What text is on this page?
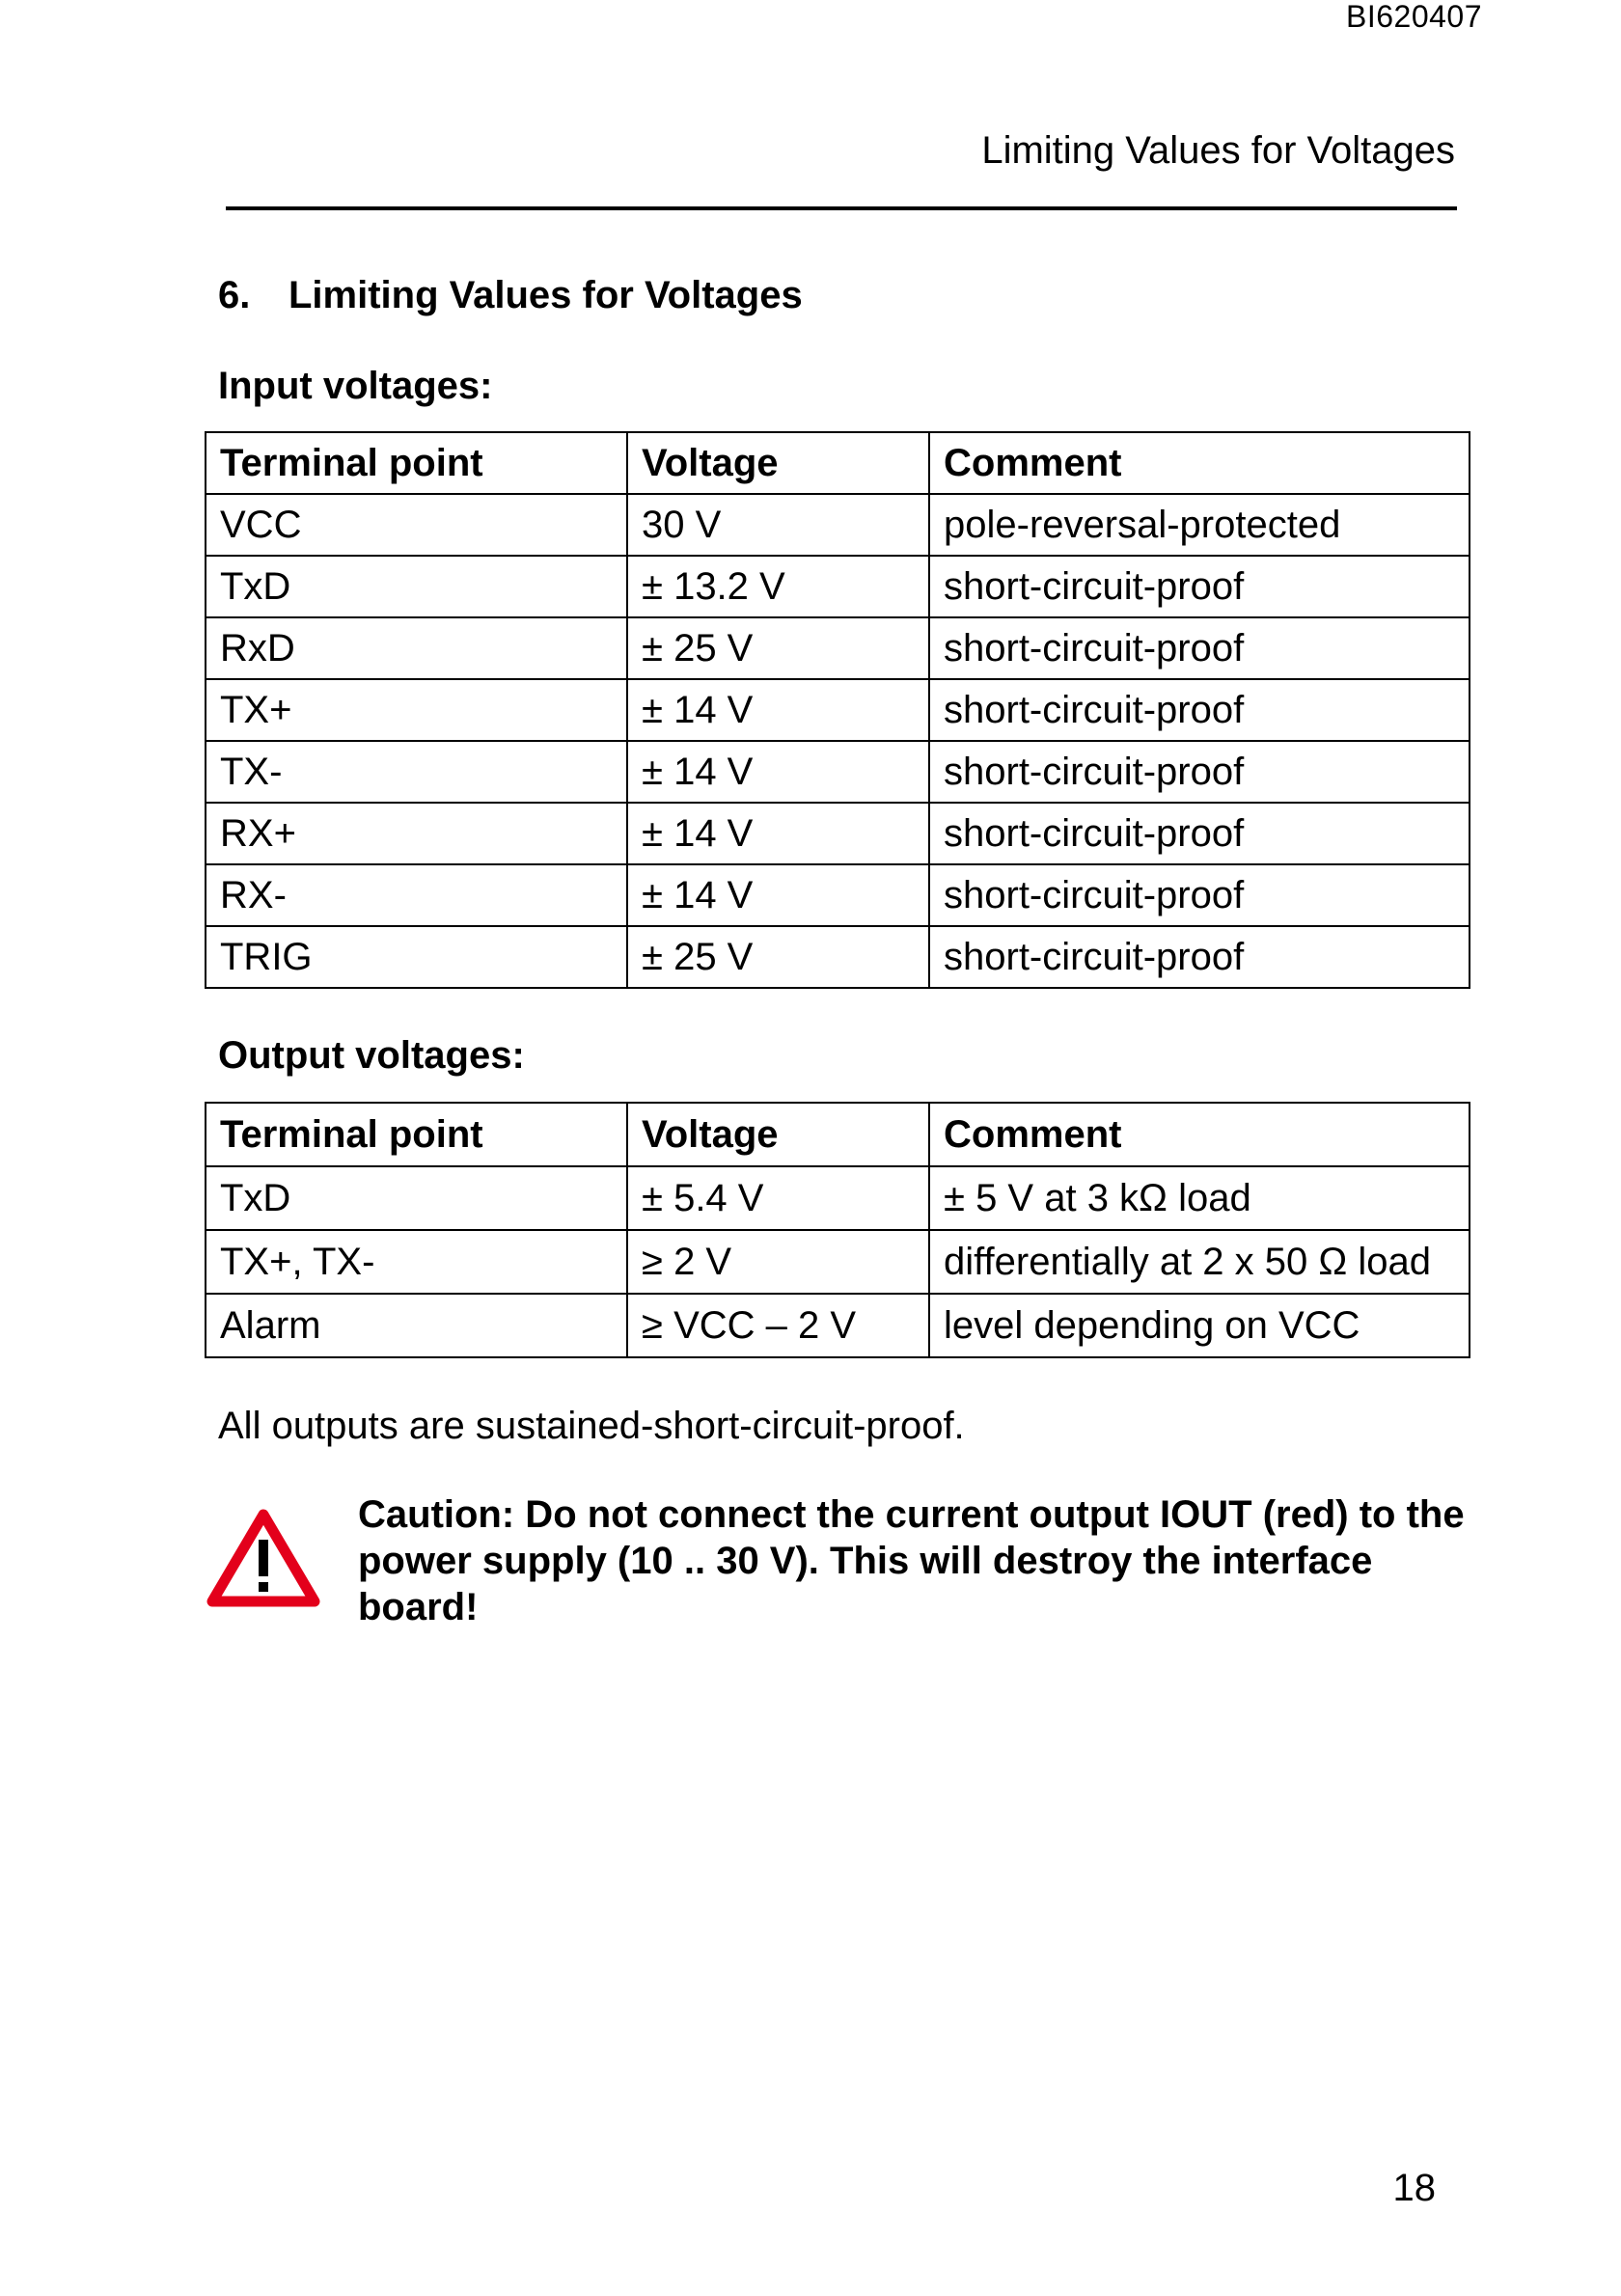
BI620407
Limiting Values for Voltages
6. Limiting Values for Voltages
Input voltages:
Terminal point	Voltage	Comment
VCC	30 V	pole-reversal-protected
TxD	± 13.2 V	short-circuit-proof
RxD	± 25 V	short-circuit-proof
TX+	± 14 V	short-circuit-proof
TX-	± 14 V	short-circuit-proof
RX+	± 14 V	short-circuit-proof
RX-	± 14 V	short-circuit-proof
TRIG	± 25 V	short-circuit-proof
Output voltages:
Terminal point	Voltage	Comment
TxD	± 5.4 V	± 5 V at 3 kΩ load
TX+, TX-	≥ 2 V	differentially at 2 x 50 Ω load
Alarm	≥ VCC – 2 V	level depending on VCC
All outputs are sustained-short-circuit-proof.
Caution: Do not connect the current output IOUT (red) to the power supply (10 .. 30 V). This will destroy the interface board!
18
